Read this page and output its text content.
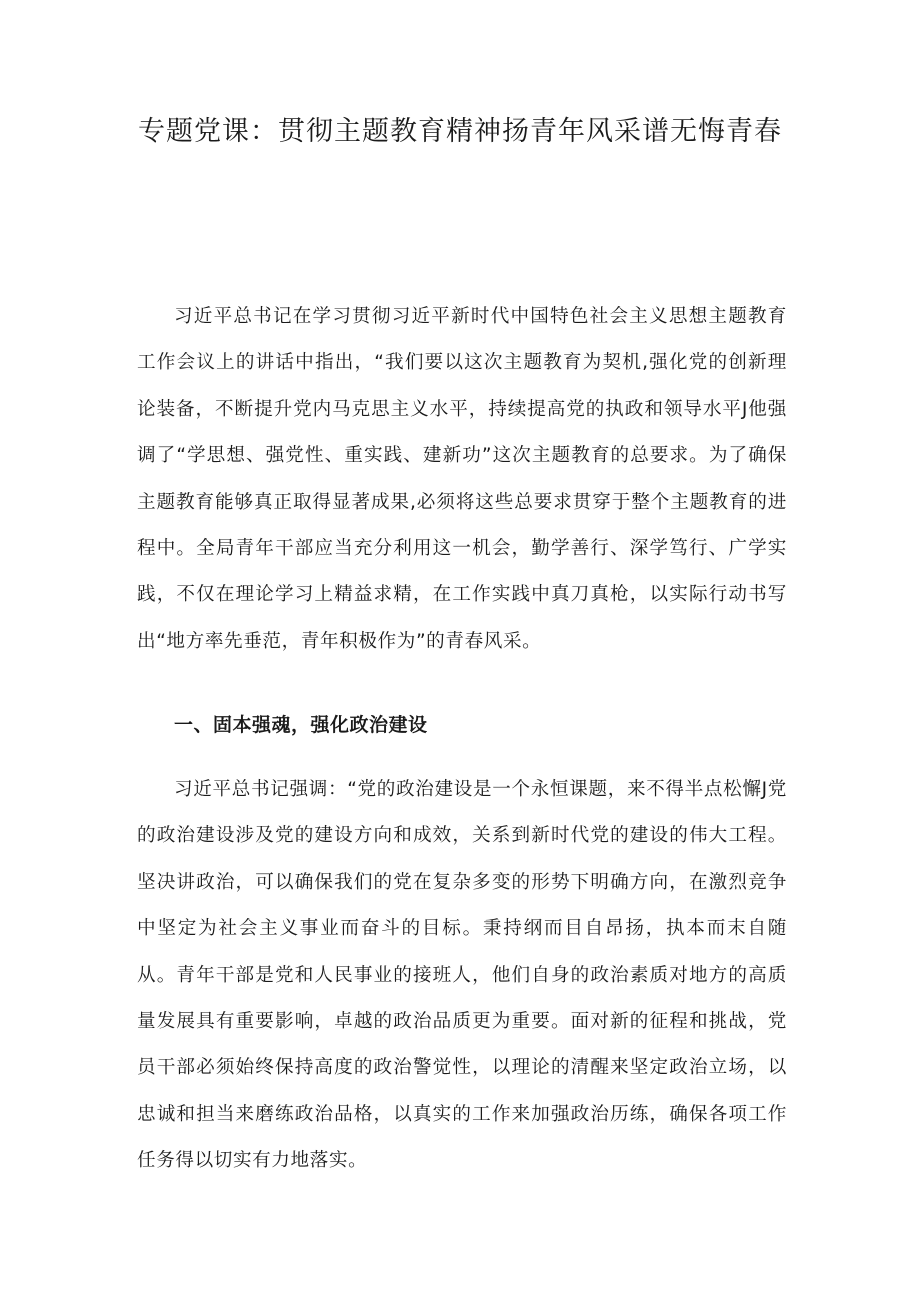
专题党课：贯彻主题教育精神扬青年风采谱无悔青春

习近平总书记在学习贯彻习近平新时代中国特色社会主义思想主题教育工作会议上的讲话中指出，“我们要以这次主题教育为契机,强化党的创新理论装备，不断提升党内马克思主义水平，持续提高党的执政和领导水平J他强调了“学思想、强党性、重实践、建新功”这次主题教育的总要求。为了确保主题教育能够真正取得显著成果,必须将这些总要求贯穿于整个主题教育的进程中。全局青年干部应当充分利用这一机会，勤学善行、深学笃行、广学实践，不仅在理论学习上精益求精，在工作实践中真刀真枪，以实际行动书写出“地方率先垂范，青年积极作为”的青春风采。

一、固本强魂，强化政治建设

习近平总书记强调：“党的政治建设是一个永恒课题，来不得半点松懈J党的政治建设涉及党的建设方向和成效，关系到新时代党的建设的伟大工程。坚决讲政治，可以确保我们的党在复杂多变的形势下明确方向，在激烈竞争中坚定为社会主义事业而奋斗的目标。秉持纲而目自昂扬，执本而末自随从。青年干部是党和人民事业的接班人，他们自身的政治素质对地方的高质量发展具有重要影响，卓越的政治品质更为重要。面对新的征程和挑战，党员干部必须始终保持高度的政治警觉性，以理论的清醒来坚定政治立场，以忠诚和担当来磨练政治品格，以真实的工作来加强政治历练，确保各项工作任务得以切实有力地落实。
